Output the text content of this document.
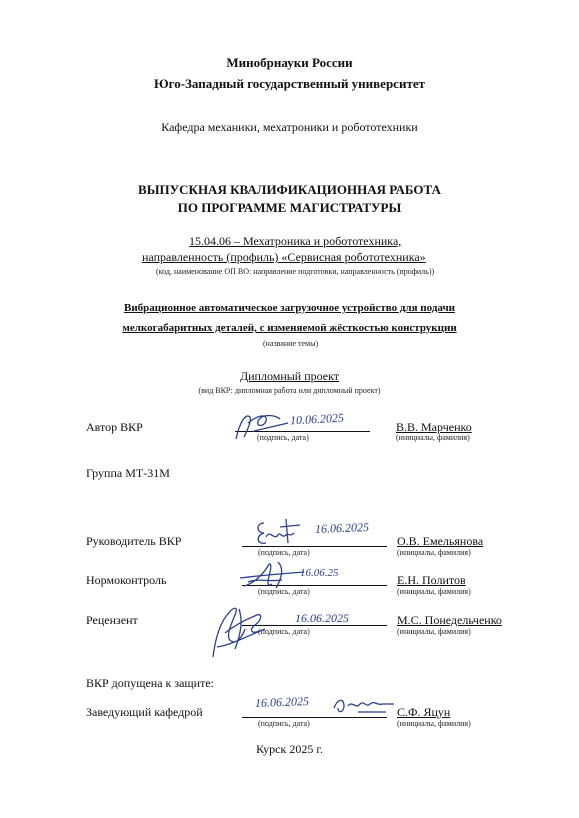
Минобрнауки России
Юго-Западный государственный университет
Кафедра механики, мехатроники и робототехники
ВЫПУСКНАЯ КВАЛИФИКАЦИОННАЯ РАБОТА
ПО ПРОГРАММЕ МАГИСТРАТУРЫ
15.04.06 – Мехатроника и робототехника,
направленность (профиль) «Сервисная робототехника»
(код, наименование ОП ВО: направление подготовки, направленность (профиль))
Вибрационное автоматическое загрузочное устройство для подачи
мелкогабаритных деталей, с изменяемой жёсткостью конструкции
(название темы)
Дипломный проект
(вид ВКР: дипломная работа или дипломный проект)
Автор ВКР
(подпись, дата)
В.В. Марченко
(инициалы, фамилия)
10.06.2025
Группа МТ-31М
Руководитель ВКР
(подпись, дата)
О.В. Емельянова
(инициалы, фамилия)
16.06.2025
Нормоконтроль
(подпись, дата)
Е.Н. Политов
(инициалы, фамилия)
16.06.25
Рецензент
(подпись, дата)
М.С. Понедельченко
(инициалы, фамилия)
16.06.2025
ВКР допущена к защите:
Заведующий кафедрой
(подпись, дата)
С.Ф. Яцун
(инициалы, фамилия)
16.06.2025
Курск 2025 г.
